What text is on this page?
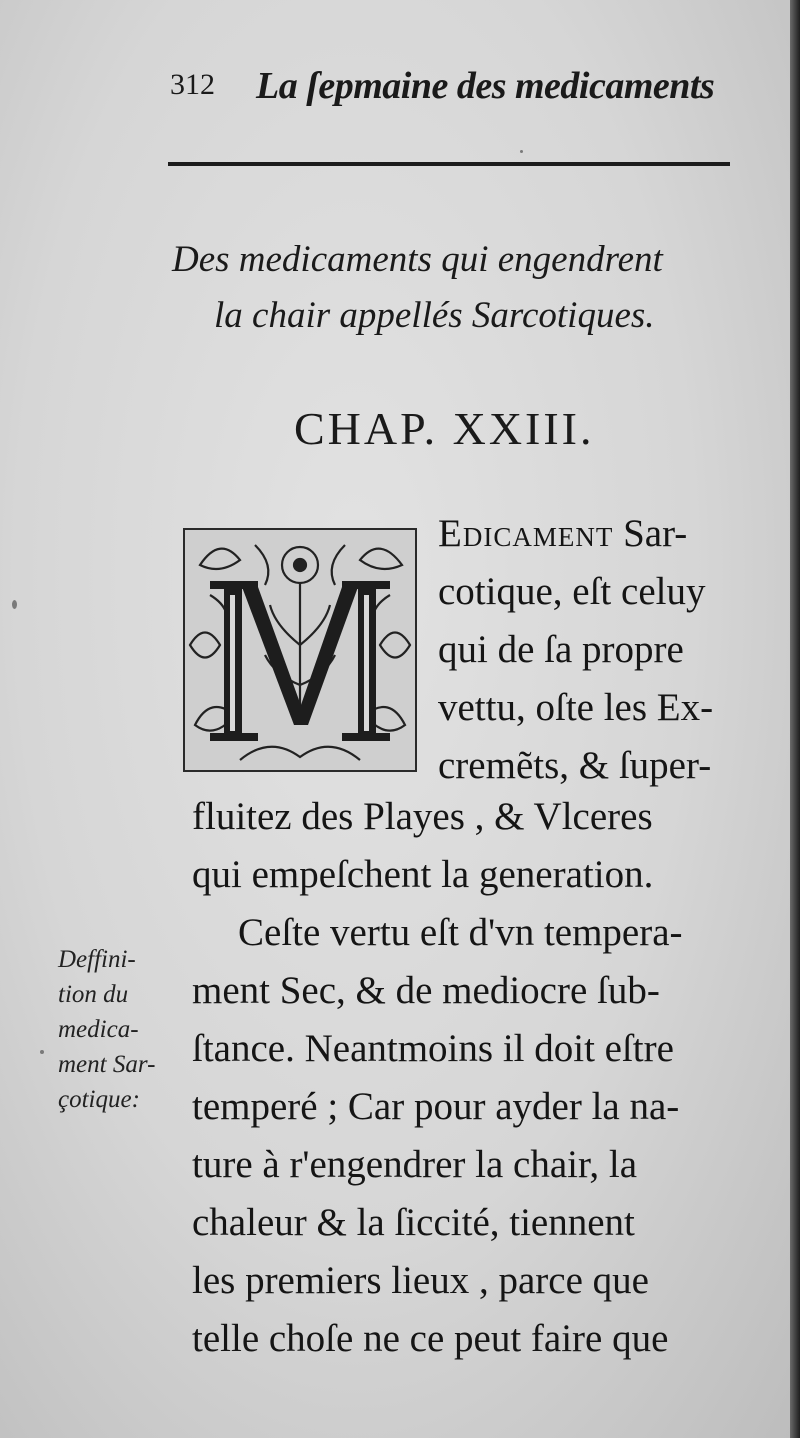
312 La ſepmaine des medicaments
Des medicaments qui engendrent
la chair appellés Sarcotiques.
CHAP. XXIII.
Edicament Sar-
cotique, eſt celuy
qui de ſa propre
vettu, oſte les Ex-
cremẽts, & ſuper-
fluitez des Playes , & Vlceres
qui empeſchent la generation.
Ceſte vertu eſt d'vn tempera-
ment Sec, & de mediocre ſub-
ſtance. Neantmoins il doit eſtre
temperé ; Car pour ayder la na-
ture à r'engendrer la chair, la
chaleur & la ſiccité, tiennent
les premiers lieux , parce que
telle choſe ne ce peut faire que
Deffini-
tion du
medica-
ment Sar-
çotique:
